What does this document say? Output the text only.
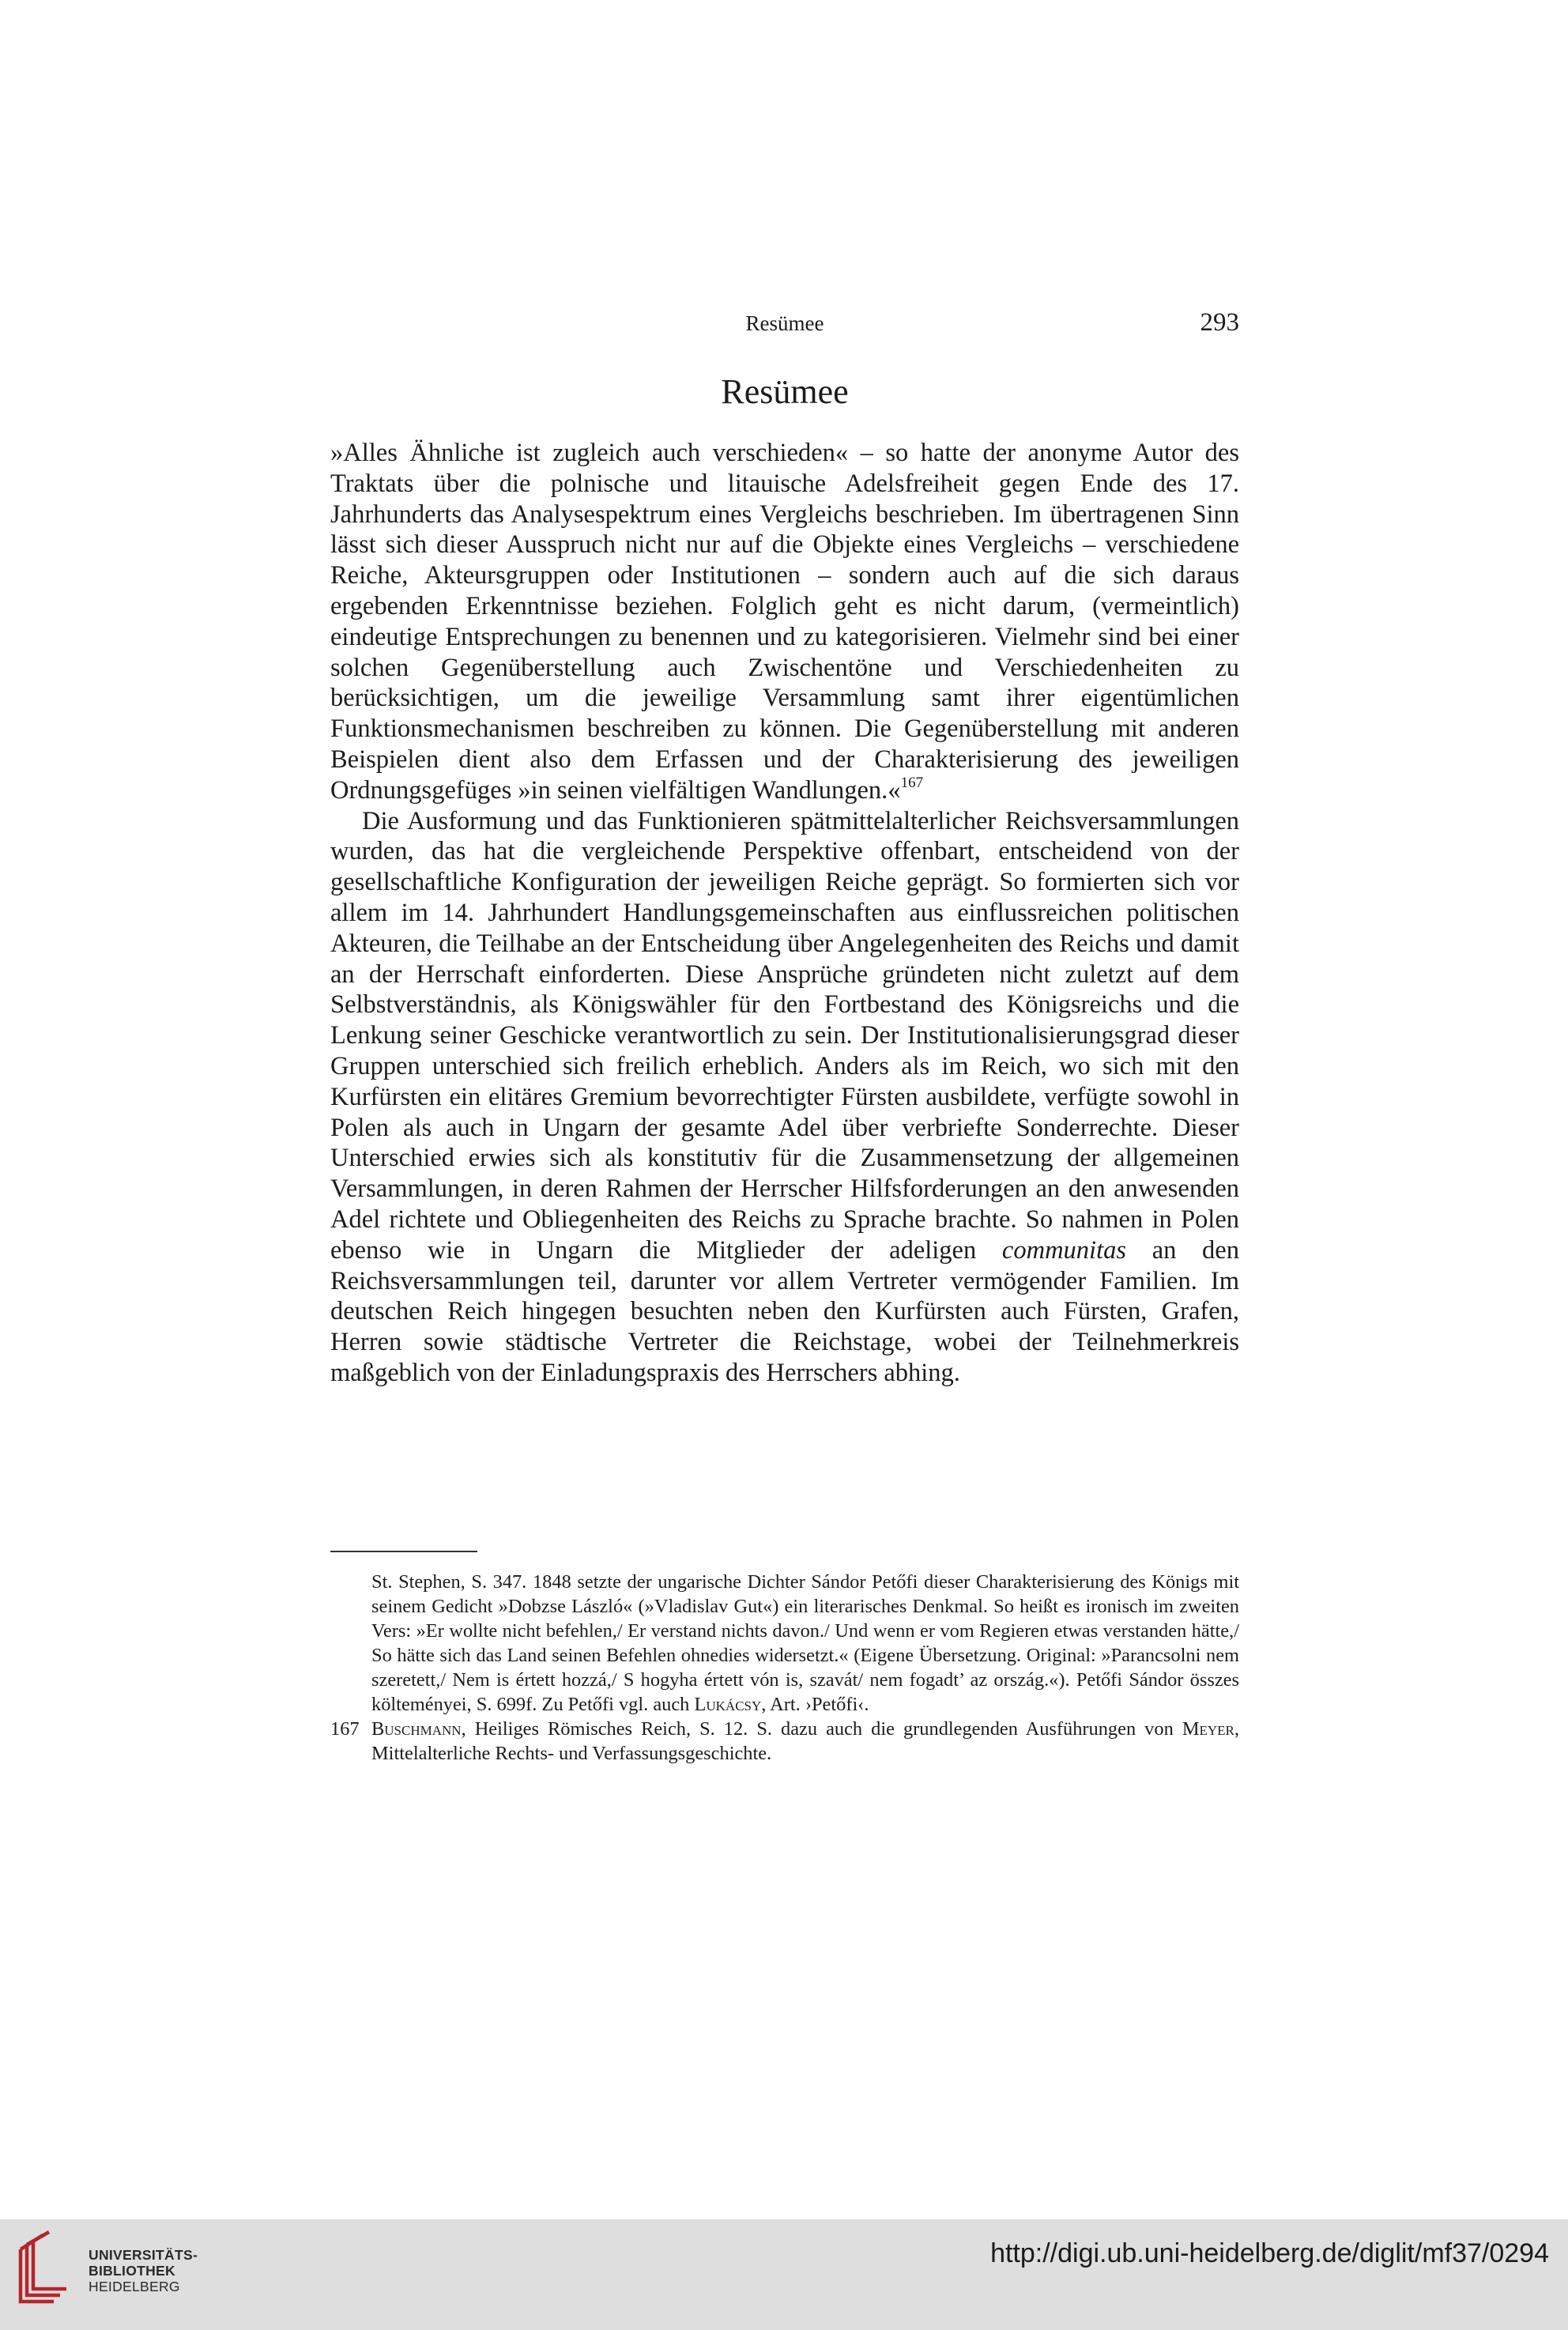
Resümee	293
Resümee

»Alles Ähnliche ist zugleich auch verschieden« – so hatte der anonyme Autor des Traktats über die polnische und litauische Adelsfreiheit gegen Ende des 17. Jahrhunderts das Analysespektrum eines Vergleichs beschrieben. Im übertragenen Sinn lässt sich dieser Ausspruch nicht nur auf die Objekte eines Vergleichs – verschiedene Reiche, Akteursgruppen oder Institutionen – sondern auch auf die sich daraus ergebenden Erkenntnisse beziehen. Folglich geht es nicht darum, (vermeintlich) eindeutige Entsprechungen zu benennen und zu kategorisieren. Vielmehr sind bei einer solchen Gegenüberstellung auch Zwischentöne und Verschiedenheiten zu berücksichtigen, um die jeweilige Versammlung samt ihrer eigentümlichen Funktionsmechanismen beschreiben zu können. Die Gegenüberstellung mit anderen Beispielen dient also dem Erfassen und der Charakterisierung des jeweiligen Ordnungsgefüges »in seinen vielfältigen Wandlungen.«$^{167}$

Die Ausformung und das Funktionieren spätmittelalterlicher Reichsversammlungen wurden, das hat die vergleichende Perspektive offenbart, entscheidend von der gesellschaftliche Konfiguration der jeweiligen Reiche geprägt. So formierten sich vor allem im 14. Jahrhundert Handlungsgemeinschaften aus einflussreichen politischen Akteuren, die Teilhabe an der Entscheidung über Angelegenheiten des Reichs und damit an der Herrschaft einforderten. Diese Ansprüche gründeten nicht zuletzt auf dem Selbstverständnis, als Königswähler für den Fortbestand des Königsreichs und die Lenkung seiner Geschicke verantwortlich zu sein. Der Institutionalisierungsgrad dieser Gruppen unterschied sich freilich erheblich. Anders als im Reich, wo sich mit den Kurfürsten ein elitäres Gremium bevorrechtigter Fürsten ausbildete, verfügte sowohl in Polen als auch in Ungarn der gesamte Adel über verbriefte Sonderrechte. Dieser Unterschied erwies sich als konstitutiv für die Zusammensetzung der allgemeinen Versammlungen, in deren Rahmen der Herrscher Hilfsforderungen an den anwesenden Adel richtete und Obliegenheiten des Reichs zu Sprache brachte. So nahmen in Polen ebenso wie in Ungarn die Mitglieder der adeligen communitas an den Reichsversammlungen teil, darunter vor allem Vertreter vermögender Familien. Im deutschen Reich hingegen besuchten neben den Kurfürsten auch Fürsten, Grafen, Herren sowie städtische Vertreter die Reichstage, wobei der Teilnehmerkreis maßgeblich von der Einladungspraxis des Herrschers abhing.

St. Stephen, S. 347. 1848 setzte der ungarische Dichter Sándor Petőfi dieser Charakterisierung des Königs mit seinem Gedicht »Dobzse László« (»Vladislav Gut«) ein literarisches Denkmal. So heißt es ironisch im zweiten Vers: »Er wollte nicht befehlen,/ Er verstand nichts davon./ Und wenn er vom Regieren etwas verstanden hätte,/ So hätte sich das Land seinen Befehlen ohnedies widersetzt.« (Eigene Übersetzung. Original: »Parancsolni nem szeretett,/ Nem is értett hozzá,/ S hogyha értett vón is, szavát/ nem fogadt’ az ország.«). Petőfi Sándor összes költeményei, S. 699f. Zu Petőfi vgl. auch Lukácsy, Art. ›Petőfi‹.
167 Buschmann, Heiliges Römisches Reich, S. 12. S. dazu auch die grundlegenden Ausführungen von Meyer, Mittelalterliche Rechts- und Verfassungsgeschichte.
UNIVERSITÄTS-
BIBLIOTHEK
HEIDELBERG
http://digi.ub.uni-heidelberg.de/diglit/mf37/0294
